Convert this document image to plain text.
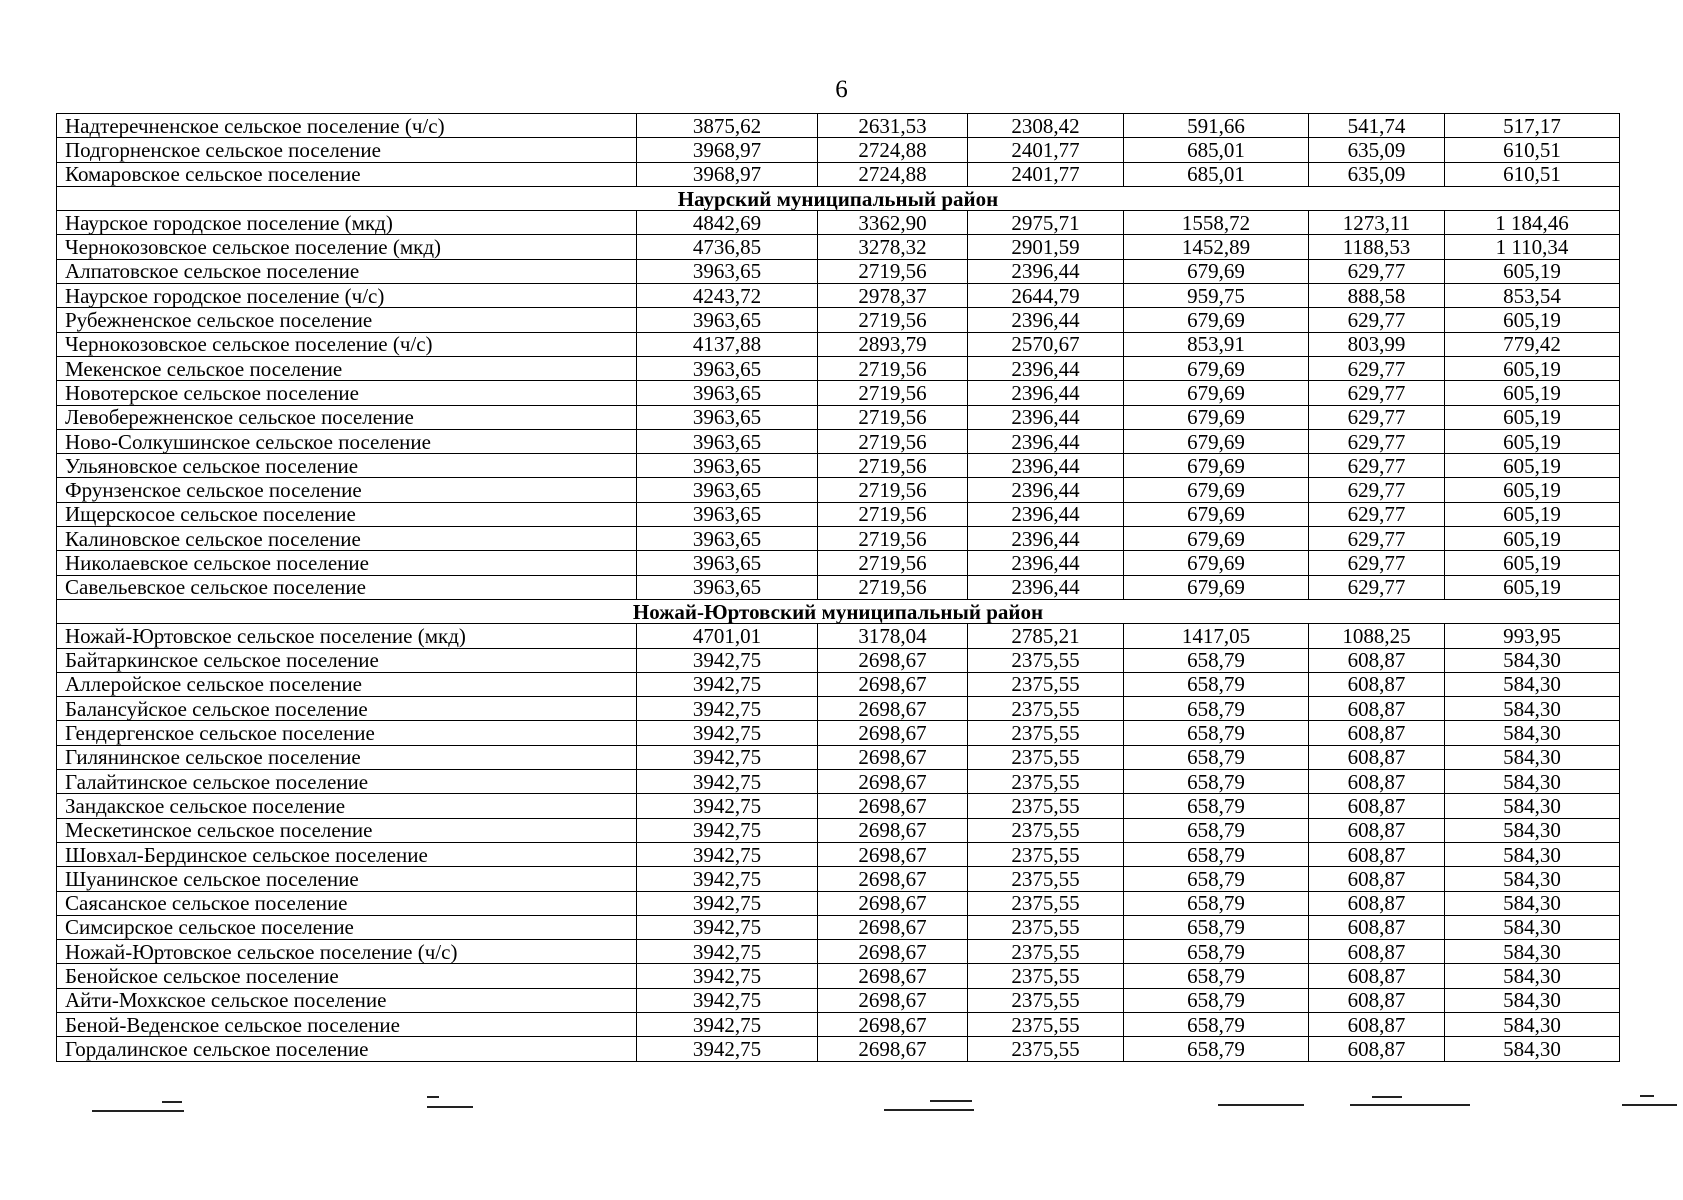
6
Надтеречненское сельское поселение (ч/с)	3875,62	2631,53	2308,42	591,66	541,74	517,17
Подгорненское сельское поселение	3968,97	2724,88	2401,77	685,01	635,09	610,51
Комаровское сельское поселение	3968,97	2724,88	2401,77	685,01	635,09	610,51
Наурский муниципальный район						
Наурское городское поселение (мкд)	4842,69	3362,90	2975,71	1558,72	1273,11	1 184,46
Чернокозовское сельское поселение (мкд)	4736,85	3278,32	2901,59	1452,89	1188,53	1 110,34
Алпатовское сельское поселение	3963,65	2719,56	2396,44	679,69	629,77	605,19
Наурское городское поселение (ч/с)	4243,72	2978,37	2644,79	959,75	888,58	853,54
Рубежненское сельское поселение	3963,65	2719,56	2396,44	679,69	629,77	605,19
Чернокозовское сельское поселение (ч/с)	4137,88	2893,79	2570,67	853,91	803,99	779,42
Мекенское сельское поселение	3963,65	2719,56	2396,44	679,69	629,77	605,19
Новотерское сельское поселение	3963,65	2719,56	2396,44	679,69	629,77	605,19
Левобережненское сельское поселение	3963,65	2719,56	2396,44	679,69	629,77	605,19
Ново-Солкушинское сельское поселение	3963,65	2719,56	2396,44	679,69	629,77	605,19
Ульяновское сельское поселение	3963,65	2719,56	2396,44	679,69	629,77	605,19
Фрунзенское сельское поселение	3963,65	2719,56	2396,44	679,69	629,77	605,19
Ищерскосое сельское поселение	3963,65	2719,56	2396,44	679,69	629,77	605,19
Калиновское сельское поселение	3963,65	2719,56	2396,44	679,69	629,77	605,19
Николаевское сельское поселение	3963,65	2719,56	2396,44	679,69	629,77	605,19
Савельевское сельское поселение	3963,65	2719,56	2396,44	679,69	629,77	605,19
Ножай-Юртовский муниципальный район						
Ножай-Юртовское сельское поселение (мкд)	4701,01	3178,04	2785,21	1417,05	1088,25	993,95
Байтаркинское сельское поселение	3942,75	2698,67	2375,55	658,79	608,87	584,30
Аллеройское сельское поселение	3942,75	2698,67	2375,55	658,79	608,87	584,30
Балансуйское сельское поселение	3942,75	2698,67	2375,55	658,79	608,87	584,30
Гендергенское сельское поселение	3942,75	2698,67	2375,55	658,79	608,87	584,30
Гилянинское сельское поселение	3942,75	2698,67	2375,55	658,79	608,87	584,30
Галайтинское сельское поселение	3942,75	2698,67	2375,55	658,79	608,87	584,30
Зандакское сельское поселение	3942,75	2698,67	2375,55	658,79	608,87	584,30
Мескетинское сельское поселение	3942,75	2698,67	2375,55	658,79	608,87	584,30
Шовхал-Бердинское сельское поселение	3942,75	2698,67	2375,55	658,79	608,87	584,30
Шуанинское сельское поселение	3942,75	2698,67	2375,55	658,79	608,87	584,30
Саясанское сельское поселение	3942,75	2698,67	2375,55	658,79	608,87	584,30
Симсирское сельское поселение	3942,75	2698,67	2375,55	658,79	608,87	584,30
Ножай-Юртовское сельское поселение (ч/с)	3942,75	2698,67	2375,55	658,79	608,87	584,30
Бенойское сельское поселение	3942,75	2698,67	2375,55	658,79	608,87	584,30
Айти-Мохкское сельское поселение	3942,75	2698,67	2375,55	658,79	608,87	584,30
Беной-Веденское сельское поселение	3942,75	2698,67	2375,55	658,79	608,87	584,30
Гордалинское сельское поселение	3942,75	2698,67	2375,55	658,79	608,87	584,30
